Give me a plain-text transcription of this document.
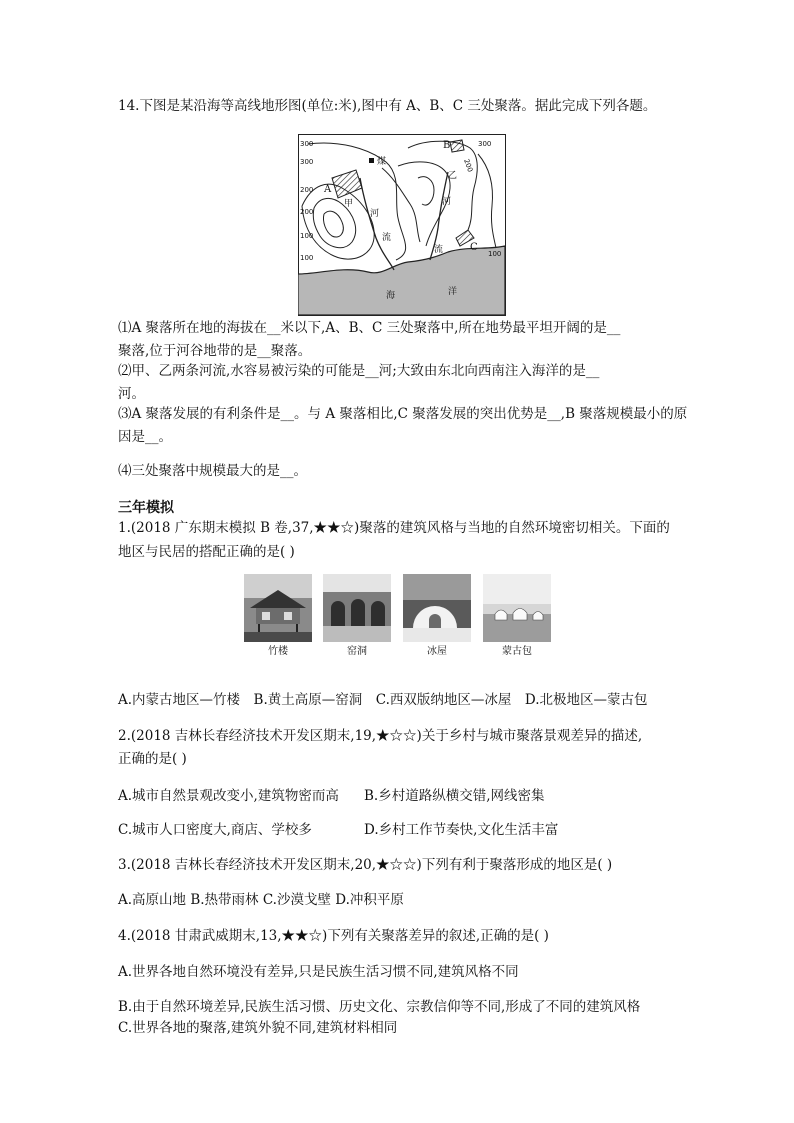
14.下图是某沿海等高线地形图(单位:米),图中有 A、B、C 三处聚落。据此完成下列各题。
煤
A
B
C
甲
河
流
乙
河
流
海	洋
300
300
200
200
100
100
200
300
100
⑴A 聚落所在地的海拔在__米以下,A、B、C 三处聚落中,所在地势最平坦开阔的是__
聚落,位于河谷地带的是__聚落。
⑵甲、乙两条河流,水容易被污染的可能是__河;大致由东北向西南注入海洋的是__
河。
⑶A 聚落发展的有利条件是__。与 A 聚落相比,C 聚落发展的突出优势是__,B 聚落规模最小的原
因是__。
⑷三处聚落中规模最大的是__。
三年模拟
1.(2018 广东期末模拟 B 卷,37,★★☆)聚落的建筑风格与当地的自然环境密切相关。下面的
地区与民居的搭配正确的是( )
竹楼	窑洞	冰屋	蒙古包
A.内蒙古地区—竹楼　B.黄土高原—窑洞　C.西双版纳地区—冰屋　D.北极地区—蒙古包
2.(2018 吉林长春经济技术开发区期末,19,★☆☆)关于乡村与城市聚落景观差异的描述,
正确的是( )
A.城市自然景观改变小,建筑物密而高 B.乡村道路纵横交错,网线密集
C.城市人口密度大,商店、学校多	D.乡村工作节奏快,文化生活丰富
3.(2018 吉林长春经济技术开发区期末,20,★☆☆)下列有利于聚落形成的地区是( )
A.高原山地 B.热带雨林 C.沙漠戈壁 D.冲积平原
4.(2018 甘肃武威期末,13,★★☆)下列有关聚落差异的叙述,正确的是( )
A.世界各地自然环境没有差异,只是民族生活习惯不同,建筑风格不同
B.由于自然环境差异,民族生活习惯、历史文化、宗教信仰等不同,形成了不同的建筑风格
C.世界各地的聚落,建筑外貌不同,建筑材料相同
